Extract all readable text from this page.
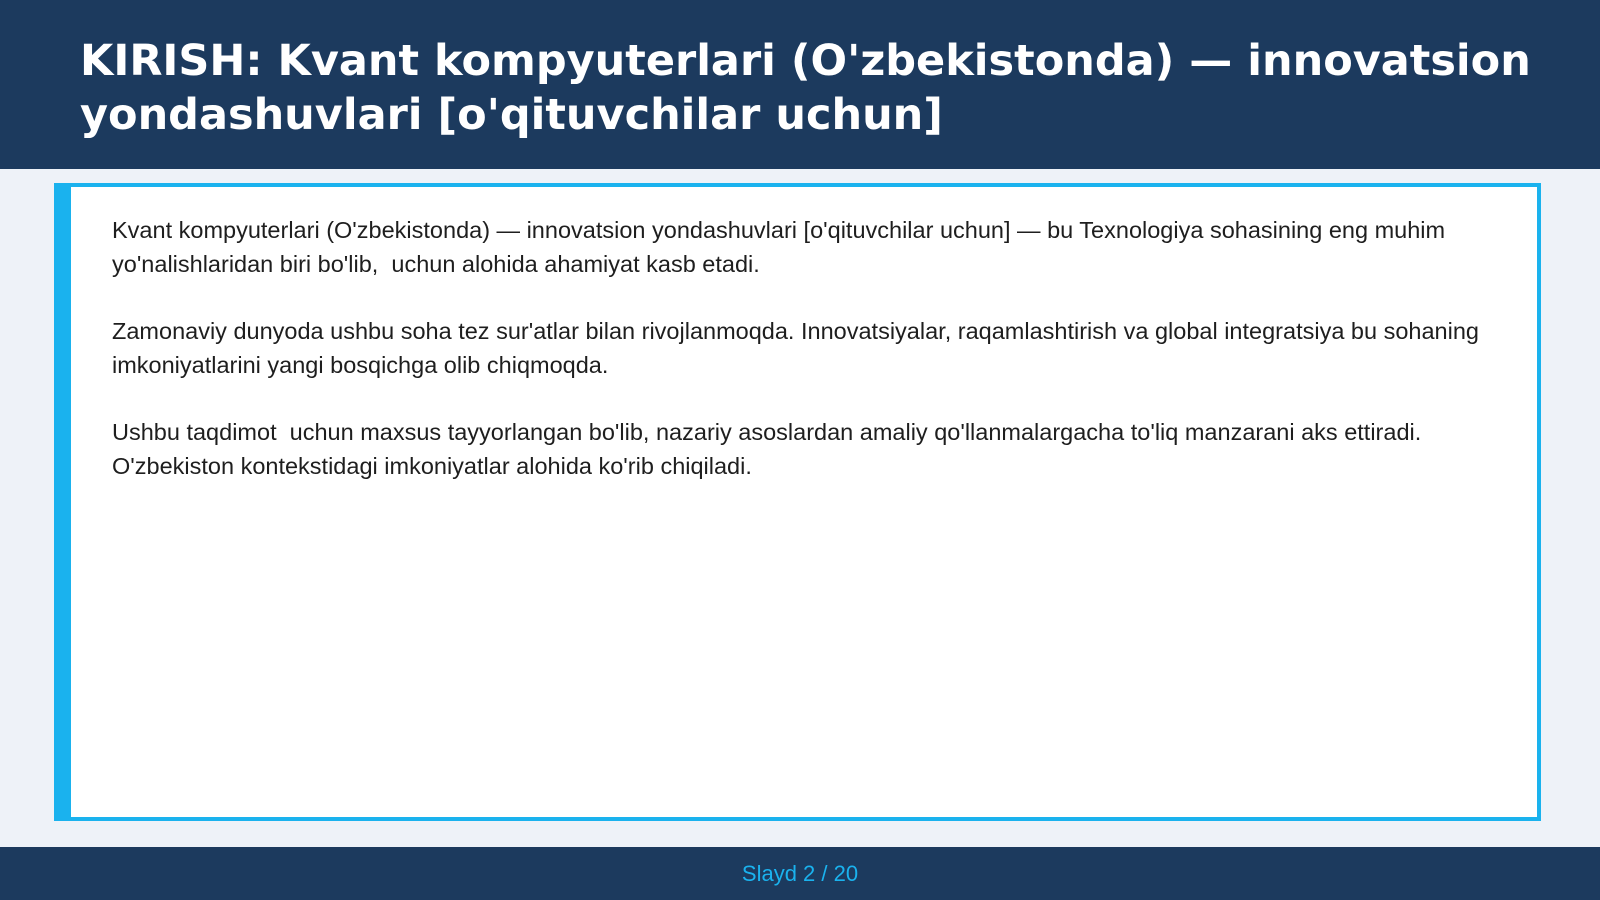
KIRISH: Kvant kompyuterlari (O'zbekistonda) — innovatsion yondashuvlari [o'qituvchilar uchun]

Kvant kompyuterlari (O'zbekistonda) — innovatsion yondashuvlari [o'qituvchilar uchun] — bu Texnologiya sohasining eng muhim yo'nalishlaridan biri bo'lib,  uchun alohida ahamiyat kasb etadi.

Zamonaviy dunyoda ushbu soha tez sur'atlar bilan rivojlanmoqda. Innovatsiyalar, raqamlashtirish va global integratsiya bu sohaning imkoniyatlarini yangi bosqichga olib chiqmoqda.

Ushbu taqdimot  uchun maxsus tayyorlangan bo'lib, nazariy asoslardan amaliy qo'llanmalargacha to'liq manzarani aks ettiradi. O'zbekiston kontekstidagi imkoniyatlar alohida ko'rib chiqiladi.

Slayd 2 / 20
